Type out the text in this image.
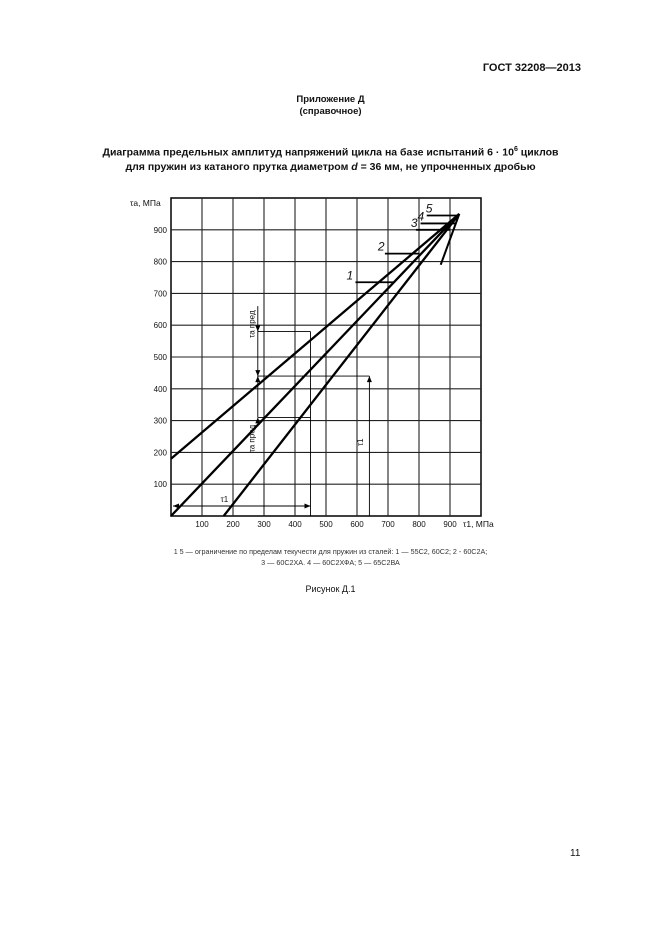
ГОСТ 32208—2013
Приложение Д
(справочное)
Диаграмма предельных амплитуд напряжений цикла на базе испытаний $6 \cdot 10^6$ циклов
для пружин из катаного прутка диаметром d = 36 мм, не упрочненных дробью
1
2
3 4
5
100 200 300 400 500 600 700 800 900
100
200
300
400
500
600
700
800
900
τ1
τ1
τa пред
τa пред
τa, МПа
τ1, МПа
1 5 — ограничение по пределам текучести для пружин из сталей: 1 — 55С2, 60С2; 2 - 60С2А;
3 — 60С2ХА. 4 — 60С2ХФА; 5 — 65С2ВА
Рисунок Д.1
11
